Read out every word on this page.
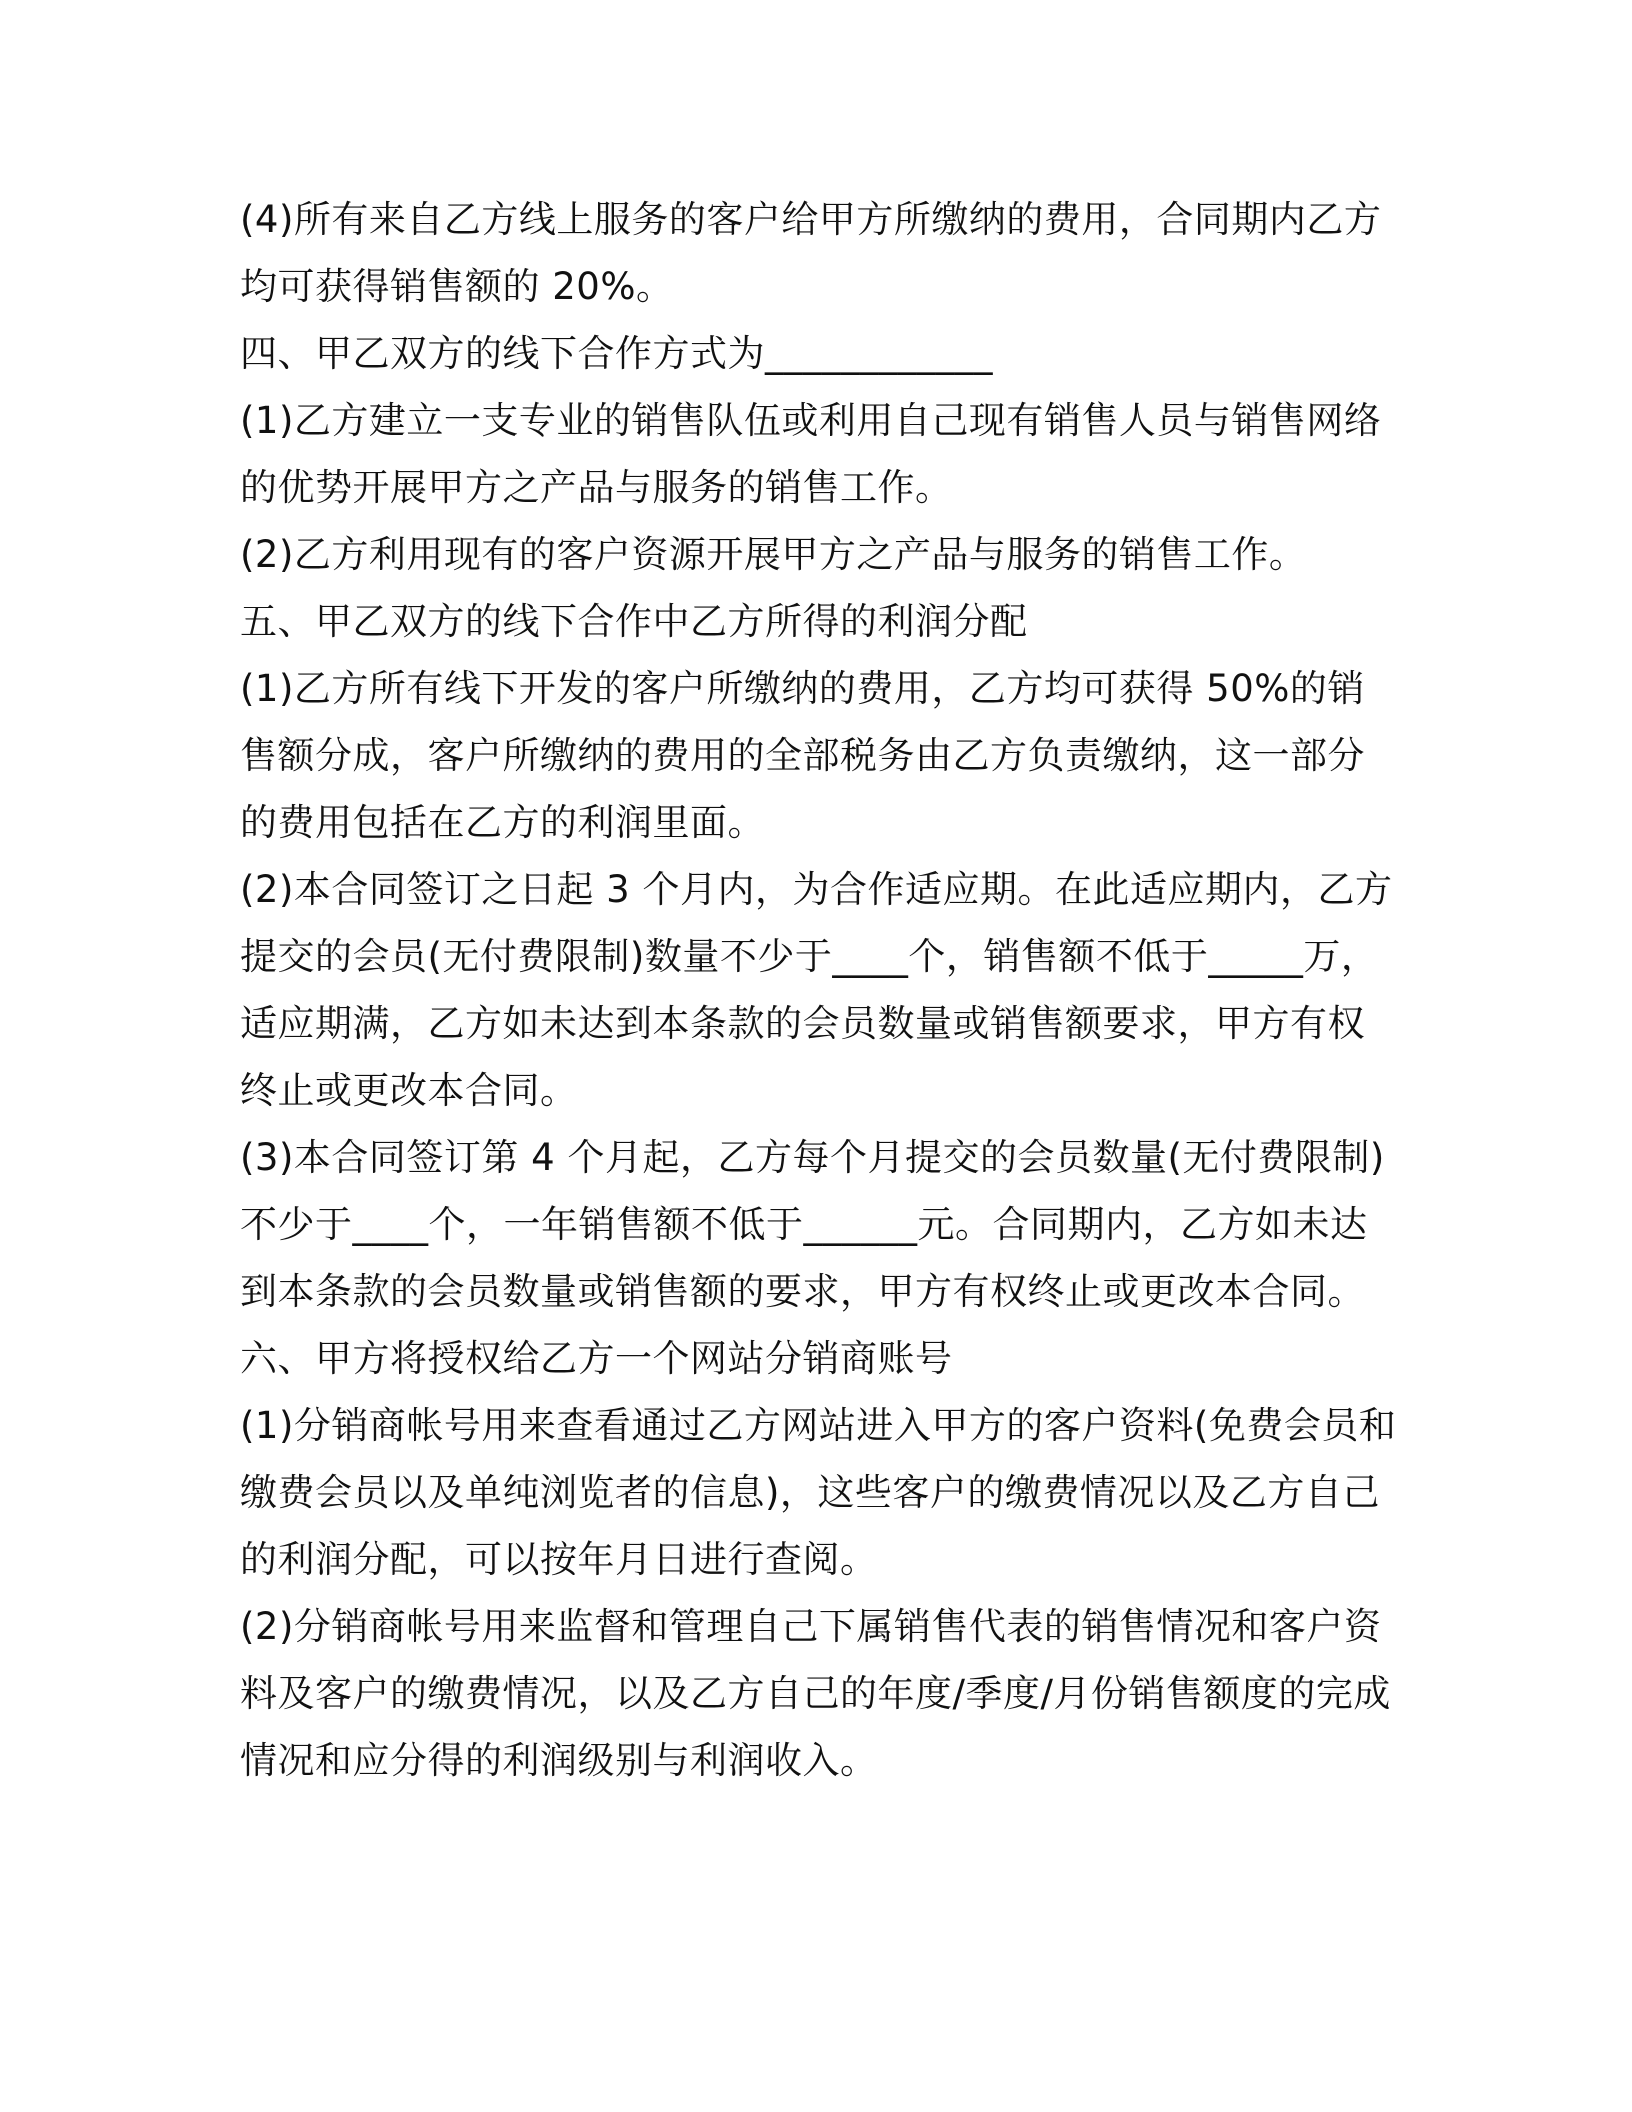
(4)所有来自乙方线上服务的客户给甲方所缴纳的费用，合同期内乙方均可获得销售额的 20%。

四、甲乙双方的线下合作方式为____________

(1)乙方建立一支专业的销售队伍或利用自己现有销售人员与销售网络的优势开展甲方之产品与服务的销售工作。

(2)乙方利用现有的客户资源开展甲方之产品与服务的销售工作。

五、甲乙双方的线下合作中乙方所得的利润分配

(1)乙方所有线下开发的客户所缴纳的费用，乙方均可获得 50%的销售额分成，客户所缴纳的费用的全部税务由乙方负责缴纳，这一部分的费用包括在乙方的利润里面。

(2)本合同签订之日起 3 个月内，为合作适应期。在此适应期内，乙方提交的会员(无付费限制)数量不少于____个，销售额不低于_____万，适应期满，乙方如未达到本条款的会员数量或销售额要求，甲方有权终止或更改本合同。

(3)本合同签订第 4 个月起，乙方每个月提交的会员数量(无付费限制)不少于____个，一年销售额不低于______元。合同期内，乙方如未达到本条款的会员数量或销售额的要求，甲方有权终止或更改本合同。

六、甲方将授权给乙方一个网站分销商账号

(1)分销商帐号用来查看通过乙方网站进入甲方的客户资料(免费会员和缴费会员以及单纯浏览者的信息)，这些客户的缴费情况以及乙方自己的利润分配，可以按年月日进行查阅。

(2)分销商帐号用来监督和管理自己下属销售代表的销售情况和客户资料及客户的缴费情况，以及乙方自己的年度/季度/月份销售额度的完成情况和应分得的利润级别与利润收入。
